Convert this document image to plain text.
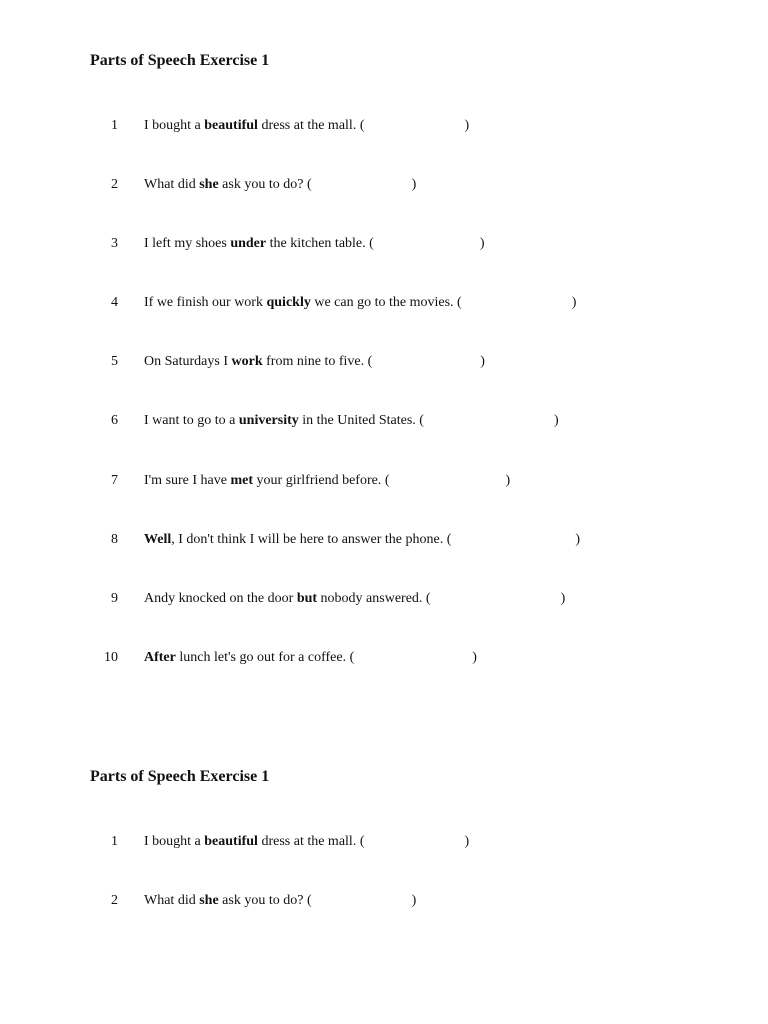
Parts of Speech Exercise 1
1 I bought a beautiful dress at the mall. (	)
2 What did she ask you to do? (	)
3 I left my shoes under the kitchen table. (	)
4 If we finish our work quickly we can go to the movies. (	)
5 On Saturdays I work from nine to five. (	)
6 I want to go to a university in the United States. (	)
7 I'm sure I have met your girlfriend before. (	)
8 Well, I don't think I will be here to answer the phone. (	)
9 Andy knocked on the door but nobody answered. (	)
10 After lunch let's go out for a coffee. (	)
Parts of Speech Exercise 1
1 I bought a beautiful dress at the mall. (	)
2 What did she ask you to do? (	)
